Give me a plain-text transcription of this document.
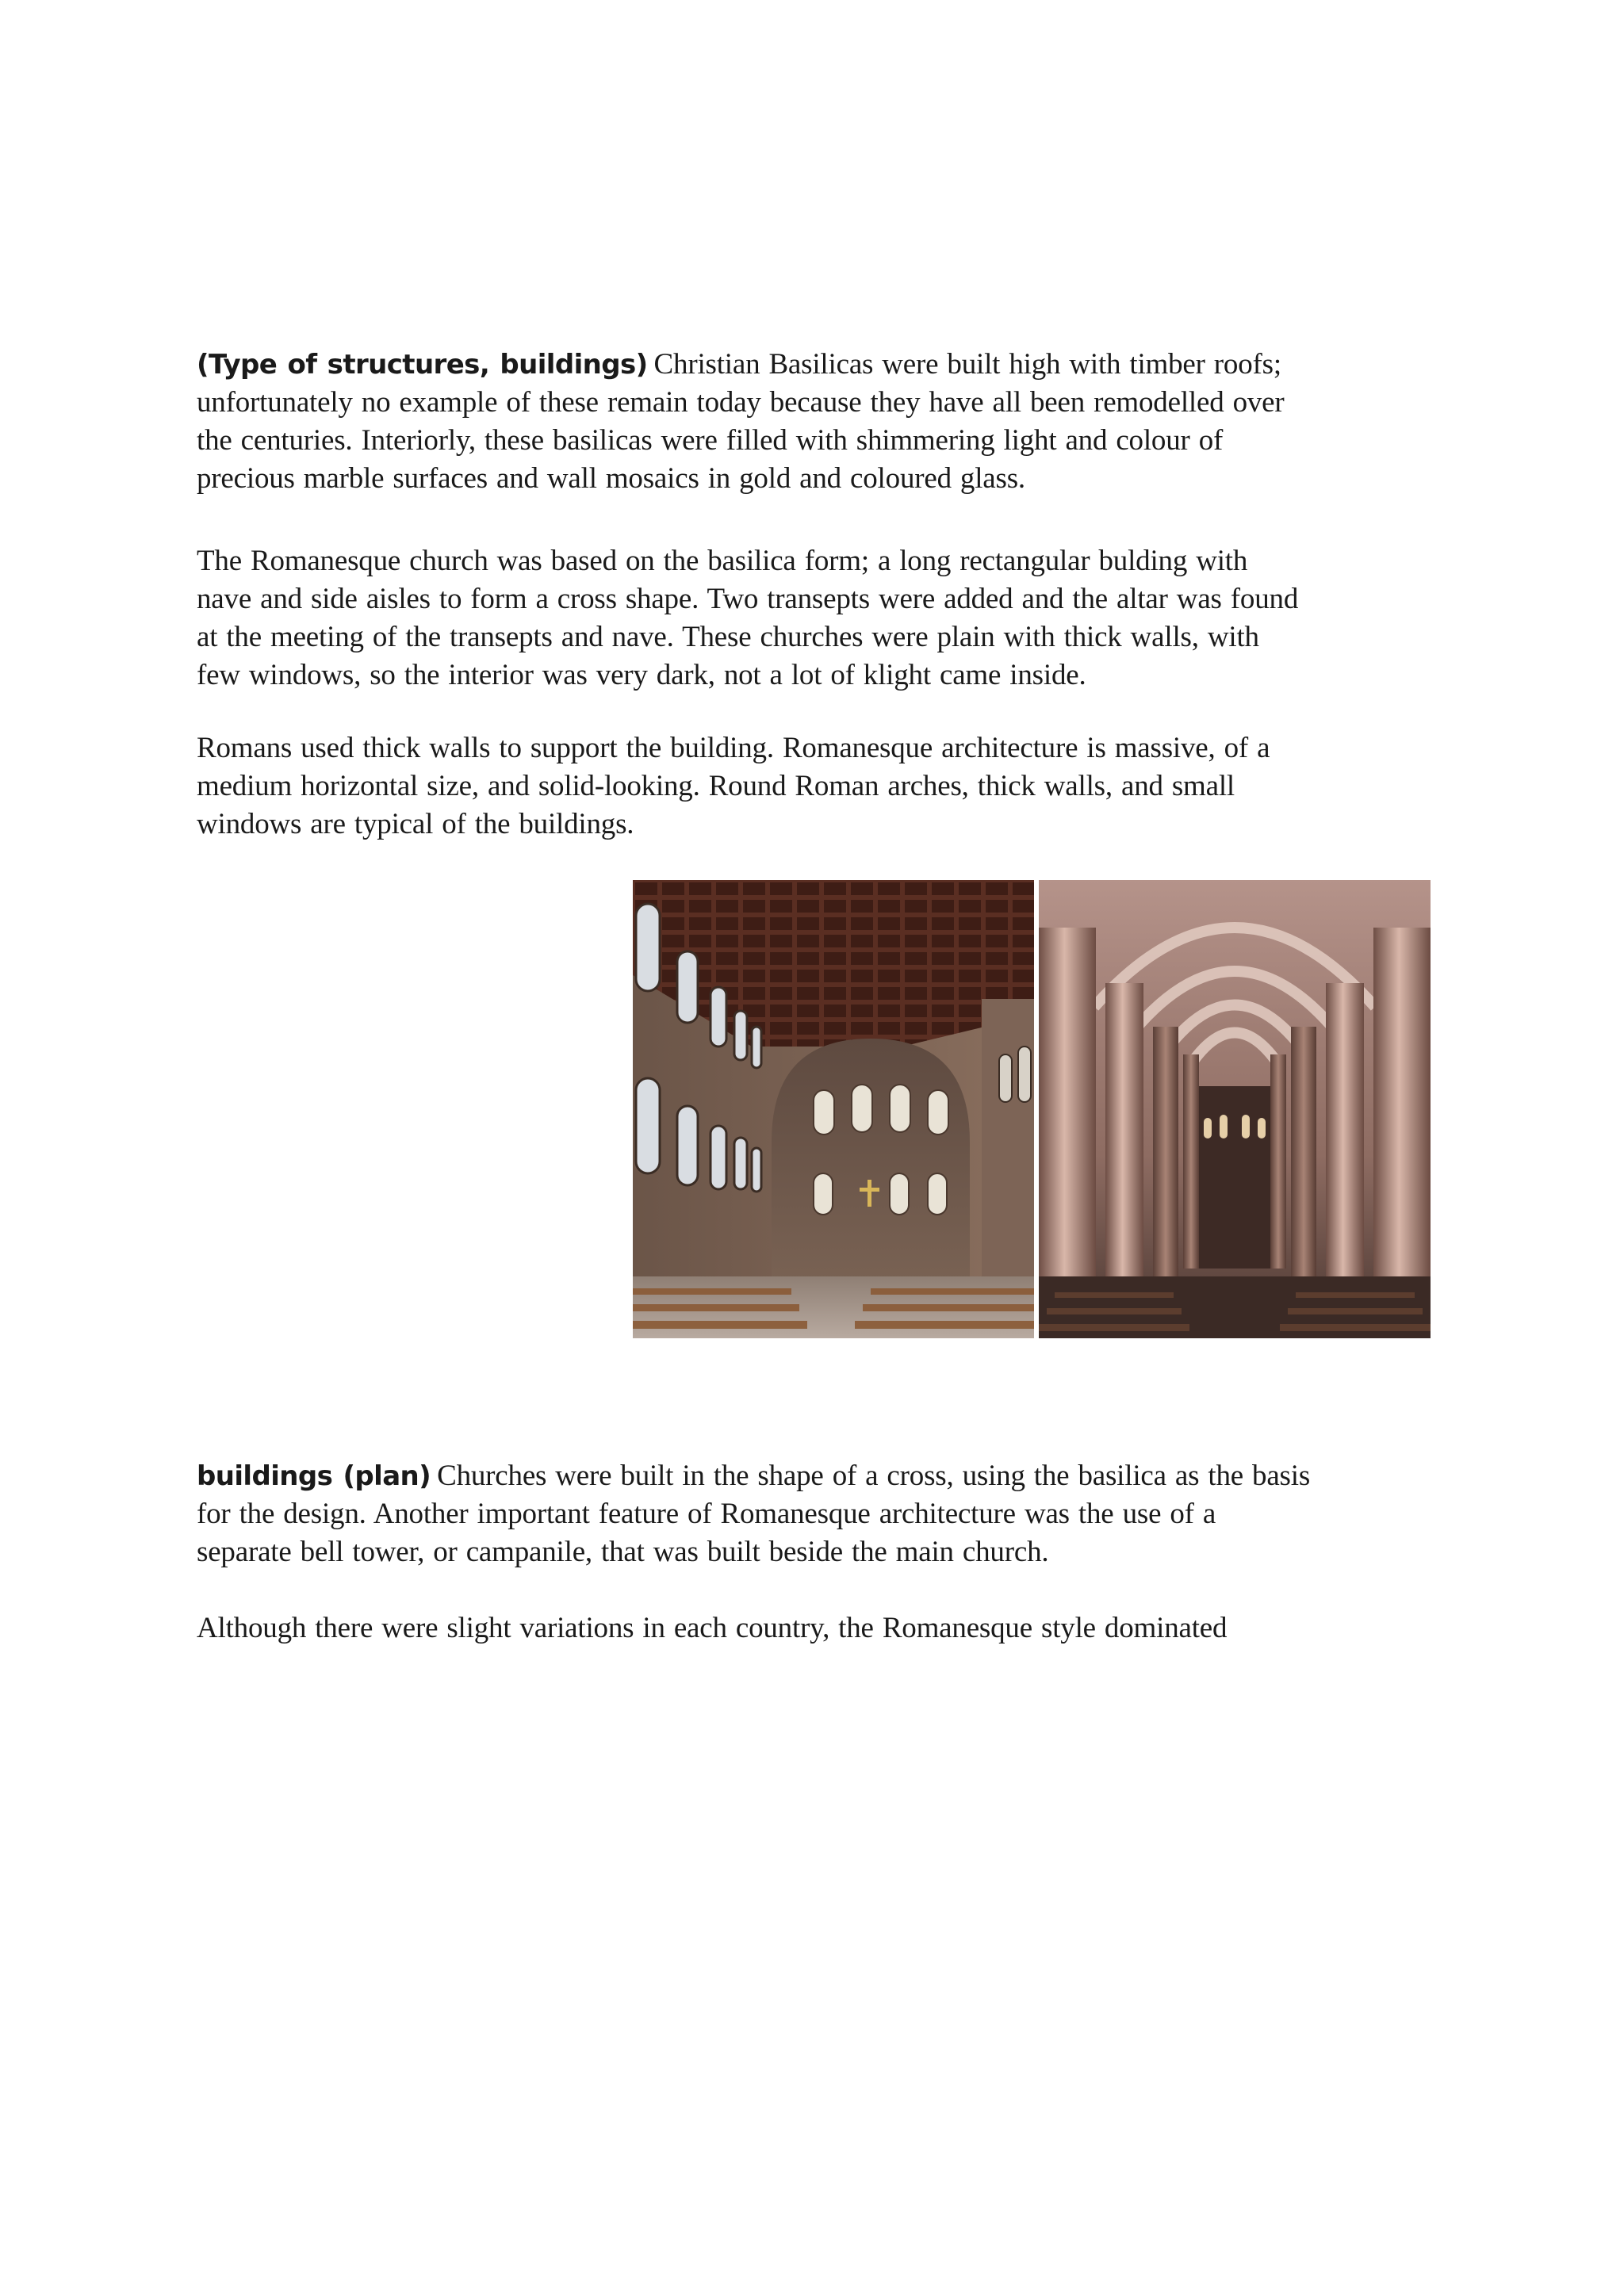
(Type of structures, buildings) Christian Basilicas were built high with timber roofs;
unfortunately no example of these remain today because they have all been remodelled over
the centuries. Interiorly, these basilicas were filled with shimmering light and colour of
precious marble surfaces and wall mosaics in gold and coloured glass.

The Romanesque church was based on the basilica form; a long rectangular bulding with
nave and side aisles to form a cross shape. Two transepts were added and the altar was found
at the meeting of the transepts and nave. These churches were plain with thick walls, with
few windows, so the interior was very dark, not a lot of klight came inside.

Romans used thick walls to support the building. Romanesque architecture is massive, of a
medium horizontal size, and solid-looking. Round Roman arches, thick walls, and small
windows are typical of the buildings.

buildings (plan) Churches were built in the shape of a cross, using the basilica as the basis
for the design. Another important feature of Romanesque architecture was the use of a
separate bell tower, or campanile, that was built beside the main church.

Although there were slight variations in each country, the Romanesque style dominated
